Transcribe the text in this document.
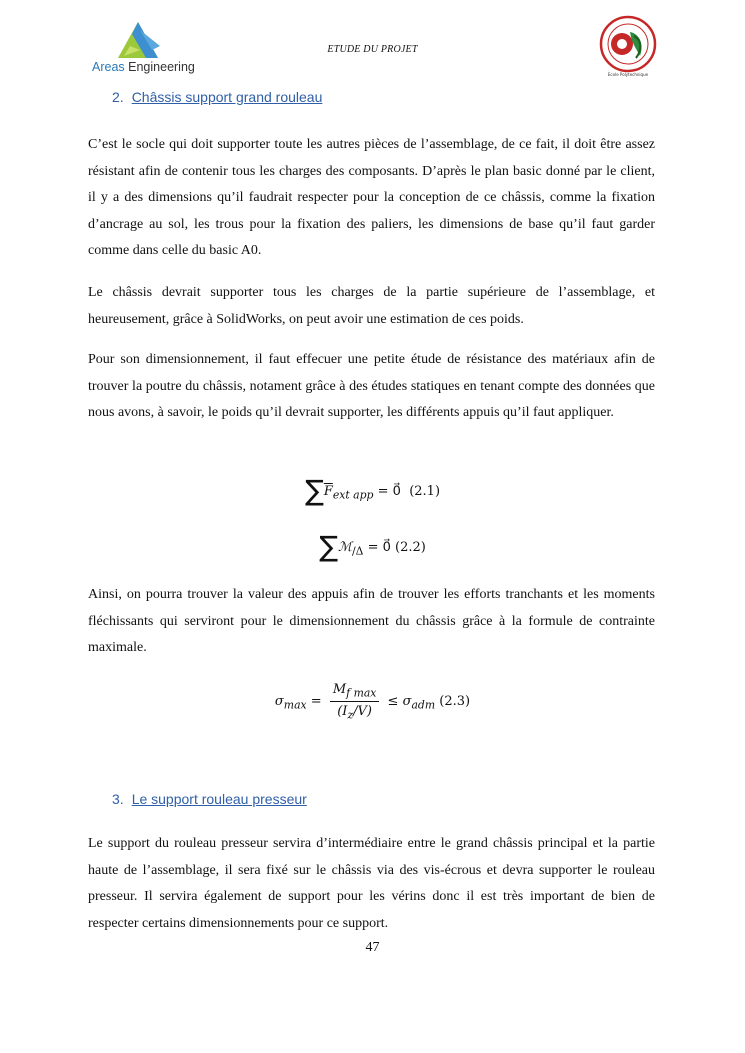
Areas Engineering
ETUDE DU PROJET
Ecole Polytechnique
2. Châssis support grand rouleau

C’est le socle qui doit supporter toute les autres pièces de l’assemblage, de ce fait, il doit être assez résistant afin de contenir tous les charges des composants. D’après le plan basic donné par le client, il y a des dimensions qu’il faudrait respecter pour la conception de ce châssis, comme la fixation d’ancrage au sol, les trous pour la fixation des paliers, les dimensions de base qu’il faut garder comme dans celle du basic A0.

Le châssis devrait supporter tous les charges de la partie supérieure de l’assemblage, et heureusement, grâce à SolidWorks, on peut avoir une estimation de ces poids.

Pour son dimensionnement, il faut effecuer une petite étude de résistance des matériaux afin de trouver la poutre du châssis, notament grâce à des études statiques en tenant compte des données que nous avons, à savoir, le poids qu’il devrait supporter, les différents appuis qu’il faut appliquer.

$\sum\overline{F}_{ext app}$ = 0⃗  (2.1)
∑ℳ$_{/\Delta}$ = 0⃗ (2.2)

Ainsi, on pourra trouver la valeur des appuis afin de trouver les efforts tranchants et les moments fléchissants qui serviront pour le dimensionnement du châssis grâce à la formule de contrainte maximale.

$\sigma_{max} = \frac{M_{f max}}{(I_z/V)} \le \sigma_{adm}$ (2.3)
3. Le support rouleau presseur

Le support du rouleau presseur servira d’intermédiaire entre le grand châssis principal et la partie haute de l’assemblage, il sera fixé sur le châssis via des vis-écrous et devra supporter le rouleau presseur. Il servira également de support pour les vérins donc il est très important de bien de respecter certains dimensionnements pour ce support.

47
